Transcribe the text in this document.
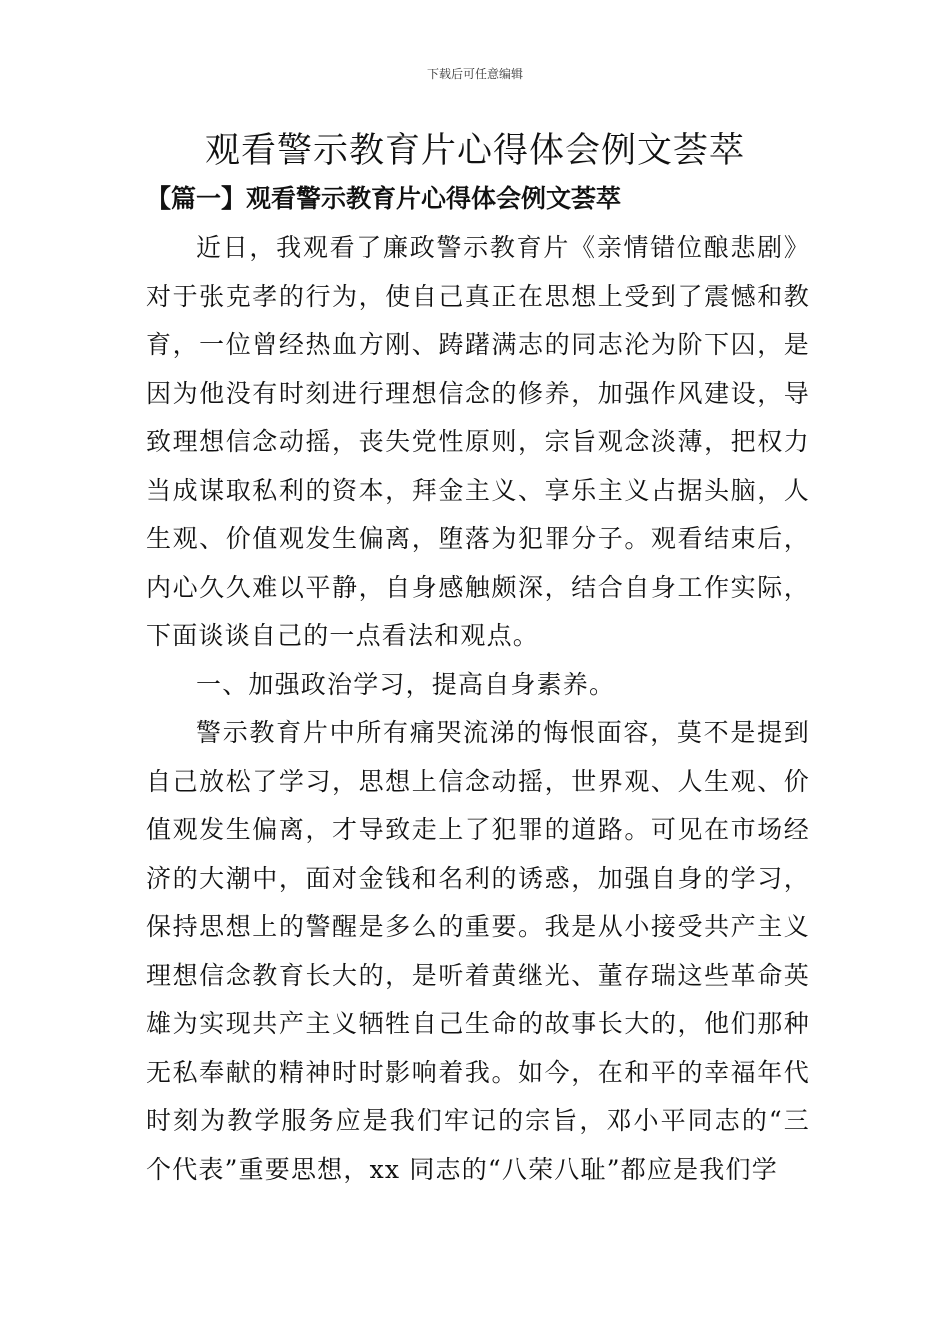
下载后可任意编辑
观看警示教育片心得体会例文荟萃
【篇一】观看警示教育片心得体会例文荟萃

近日，我观看了廉政警示教育片《亲情错位酿悲剧》对于张克孝的行为，使自己真正在思想上受到了震憾和教育，一位曾经热血方刚、踌躇满志的同志沦为阶下囚，是因为他没有时刻进行理想信念的修养，加强作风建设，导致理想信念动摇，丧失党性原则，宗旨观念淡薄，把权力当成谋取私利的资本，拜金主义、享乐主义占据头脑，人生观、价值观发生偏离，堕落为犯罪分子。观看结束后，内心久久难以平静，自身感触颇深，结合自身工作实际，下面谈谈自己的一点看法和观点。

一、加强政治学习，提高自身素养。

警示教育片中所有痛哭流涕的悔恨面容，莫不是提到自己放松了学习，思想上信念动摇，世界观、人生观、价值观发生偏离，才导致走上了犯罪的道路。可见在市场经济的大潮中，面对金钱和名利的诱惑，加强自身的学习，保持思想上的警醒是多么的重要。我是从小接受共产主义理想信念教育长大的，是听着黄继光、董存瑞这些革命英雄为实现共产主义牺牲自己生命的故事长大的，他们那种无私奉献的精神时时影响着我。如今，在和平的幸福年代时刻为教学服务应是我们牢记的宗旨，邓小平同志的“三个代表”重要思想，xx 同志的“八荣八耻”都应是我们学
